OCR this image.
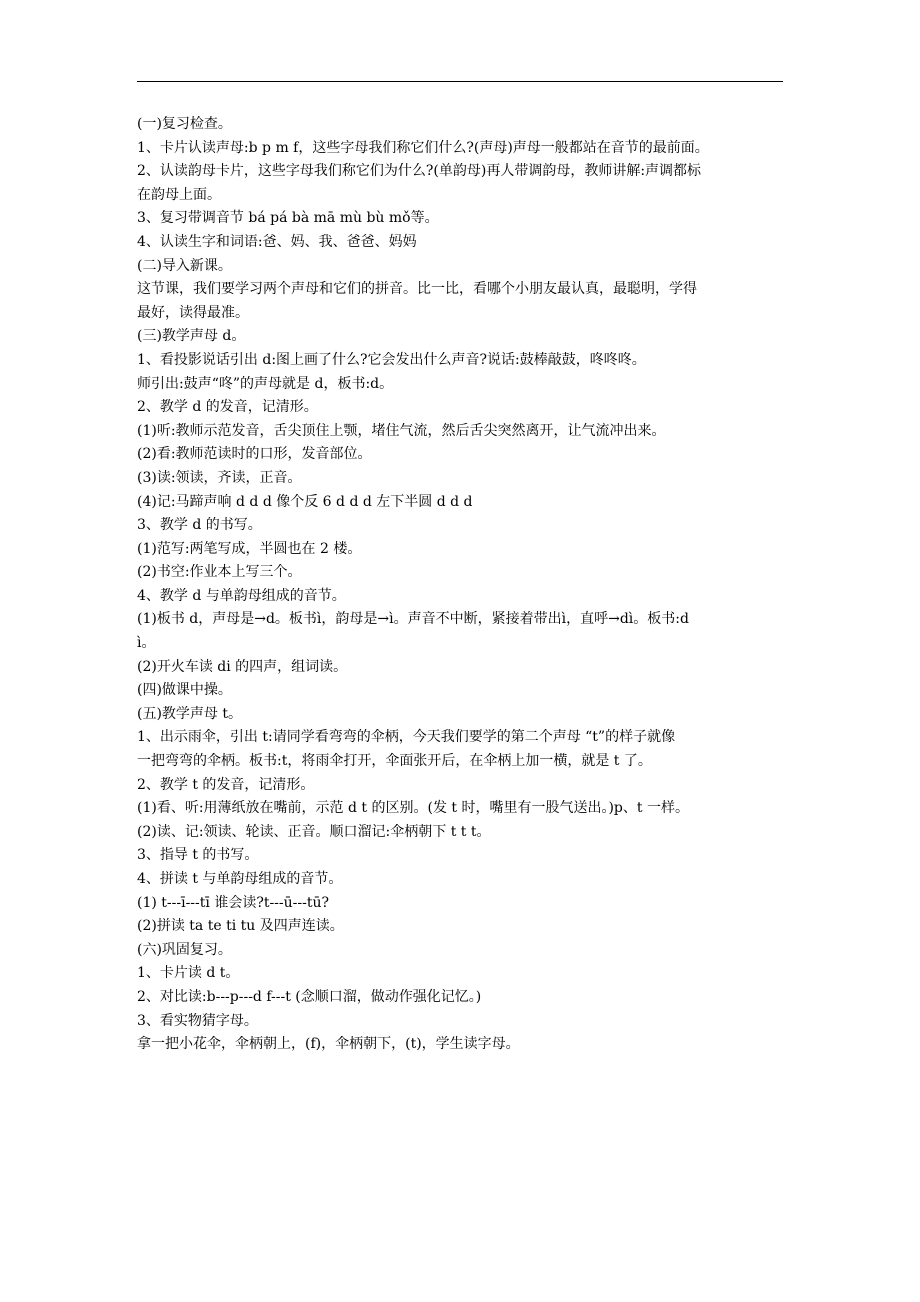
(一)复习检查。

1、卡片认读声母:b p m f，这些字母我们称它们什么?(声母)声母一般都站在音节的最前面。

2、认读韵母卡片，这些字母我们称它们为什么?(单韵母)再人带调韵母，教师讲解:声调都标

在韵母上面。

3、复习带调音节 bá pá bà mā mù bù mǒ等。

4、认读生字和词语:爸、妈、我、爸爸、妈妈

(二)导入新课。

这节课，我们要学习两个声母和它们的拼音。比一比，看哪个小朋友最认真，最聪明，学得

最好，读得最准。

(三)教学声母 d。

1、看投影说话引出 d:图上画了什么?它会发出什么声音?说话:鼓棒敲鼓，咚咚咚。

师引出:鼓声“咚”的声母就是 d，板书:d。

2、教学 d 的发音，记清形。

(1)听:教师示范发音，舌尖顶住上颚，堵住气流，然后舌尖突然离开，让气流冲出来。

(2)看:教师范读时的口形，发音部位。

(3)读:领读，齐读，正音。

(4)记:马蹄声响 d d d 像个反 6 d d d 左下半圆 d d d

3、教学 d 的书写。

(1)范写:两笔写成，半圆也在 2 楼。

(2)书空:作业本上写三个。

4、教学 d 与单韵母组成的音节。

(1)板书 d，声母是→d。板书ì，韵母是→ì。声音不中断，紧接着带出ì，直呼→dì。板书:d

ì。

(2)开火车读 di 的四声，组词读。

(四)做课中操。

(五)教学声母 t。

1、出示雨伞，引出 t:请同学看弯弯的伞柄，今天我们要学的第二个声母 “t”的样子就像

一把弯弯的伞柄。板书:t，将雨伞打开，伞面张开后，在伞柄上加一横，就是 t 了。

2、教学 t 的发音，记清形。

(1)看、听:用薄纸放在嘴前，示范 d t 的区别。(发 t 时，嘴里有一股气送出。)p、t 一样。

(2)读、记:领读、轮读、正音。顺口溜记:伞柄朝下 t t t。

3、指导 t 的书写。

4、拼读 t 与单韵母组成的音节。

(1) t---ī---tī 谁会读?t---ū---tū?

(2)拼读 ta te ti tu 及四声连读。

(六)巩固复习。

1、卡片读 d t。

2、对比读:b---p---d f---t (念顺口溜，做动作强化记忆。)

3、看实物猜字母。

拿一把小花伞，伞柄朝上，(f)，伞柄朝下，(t)，学生读字母。
